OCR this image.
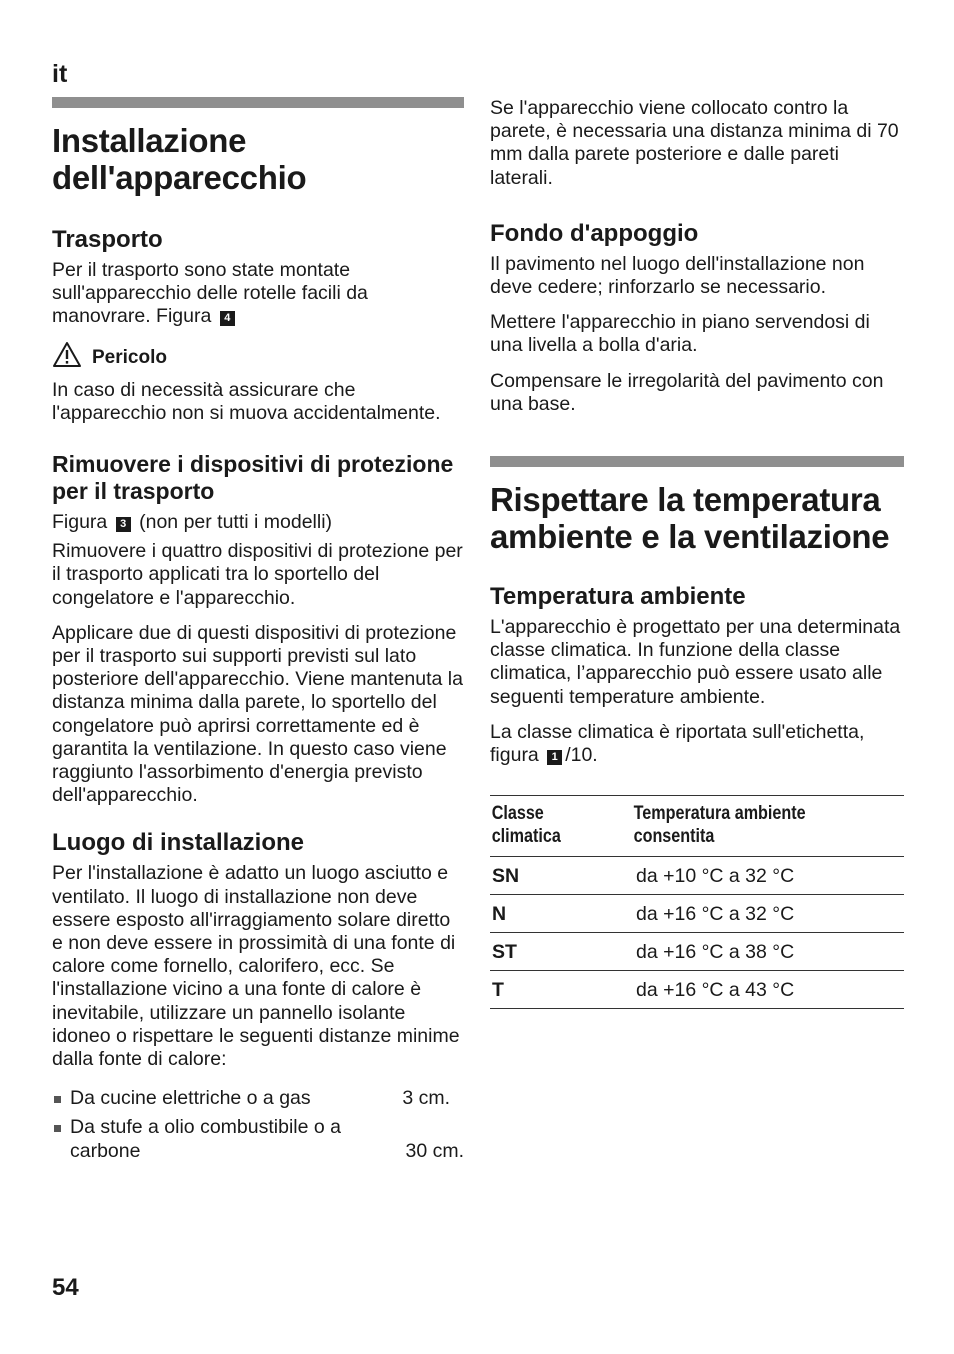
it
Installazione dell'apparecchio
Trasporto

Per il trasporto sono state montate sull'apparecchio delle rotelle facili da manovrare. Figura 4

Pericolo

In caso di necessità assicurare che l'apparecchio non si muova accidentalmente.

Rimuovere i dispositivi di protezione per il trasporto

Figura 3 (non per tutti i modelli)

Rimuovere i quattro dispositivi di protezione per il trasporto applicati tra lo sportello del congelatore e l'apparecchio.

Applicare due di questi dispositivi di protezione per il trasporto sui supporti previsti sul lato posteriore dell'apparecchio. Viene mantenuta la distanza minima dalla parete, lo sportello del congelatore può aprirsi correttamente ed è garantita la ventilazione. In questo caso viene raggiunto l'assorbimento d'energia previsto dell'apparecchio.

Luogo di installazione

Per l'installazione è adatto un luogo asciutto e ventilato. Il luogo di installazione non deve essere esposto all'irraggiamento solare diretto e non deve essere in prossimità di una fonte di calore come fornello, calorifero, ecc. Se l'installazione vicino a una fonte di calore è inevitabile, utilizzare un pannello isolante idoneo o rispettare le seguenti distanze minime dalla fonte di calore:

Da cucine elettriche o a gas	3 cm.
Da stufe a olio combustibile o a
carbone	30 cm.

Se l'apparecchio viene collocato contro la parete, è necessaria una distanza minima di 70 mm dalla parete posteriore e dalle pareti laterali.

Fondo d'appoggio

Il pavimento nel luogo dell'installazione non deve cedere; rinforzarlo se necessario.

Mettere l'apparecchio in piano servendosi di una livella a bolla d'aria.

Compensare le irregolarità del pavimento con una base.

Rispettare la temperatura ambiente e la ventilazione
Temperatura ambiente

L'apparecchio è progettato per una determinata classe climatica. In funzione della classe climatica, l’apparecchio può essere usato alle seguenti temperature ambiente.

La classe climatica è riportata sull'etichetta, figura 1 /10.

Classe climatica	Temperatura ambiente consentita
SN	da +10 °C a 32 °C
N	da +16 °C a 32 °C
ST	da +16 °C a 38 °C
T	da +16 °C a 43 °C
54
